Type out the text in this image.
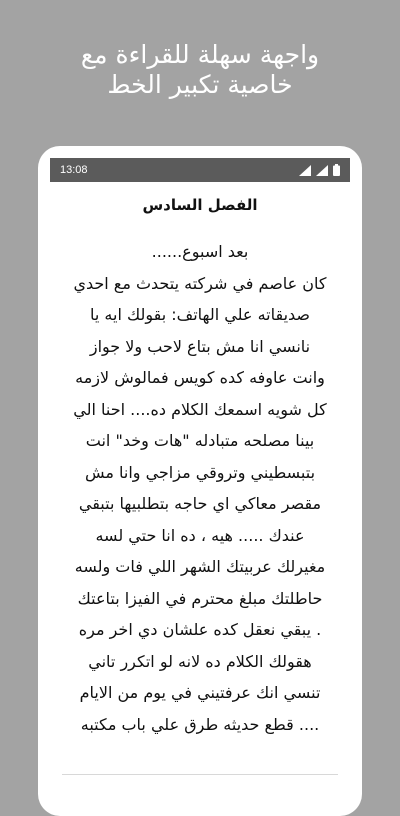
واجهة سهلة للقراءة مع
خاصية تكبير الخط
13:08
الفصل السادس
بعد اسبوع......
كان عاصم في شركته يتحدث مع احدي
صديقاته علي الهاتف: بقولك ايه يا
نانسي انا مش بتاع لاحب ولا جواز
وانت عاوفه كده كويس فمالوش لازمه
كل شويه اسمعك الكلام ده.... احنا الي
بينا مصلحه متبادله "هات وخد" انت
بتبسطيني وتروقي مزاجي وانا مش
مقصر معاكي اي حاجه بتطلبيها بتبقي
عندك ..... هيه ، ده انا حتي لسه
مغيرلك عربيتك الشهر اللي فات ولسه
حاطلتك مبلغ محترم في الفيزا بتاعتك
. يبقي نعقل كده علشان دي اخر مره
هقولك الكلام ده لانه لو اتكرر تاني
تنسي انك عرفتيني في يوم من الايام
.... قطع حديثه طرق علي باب مكتبه
